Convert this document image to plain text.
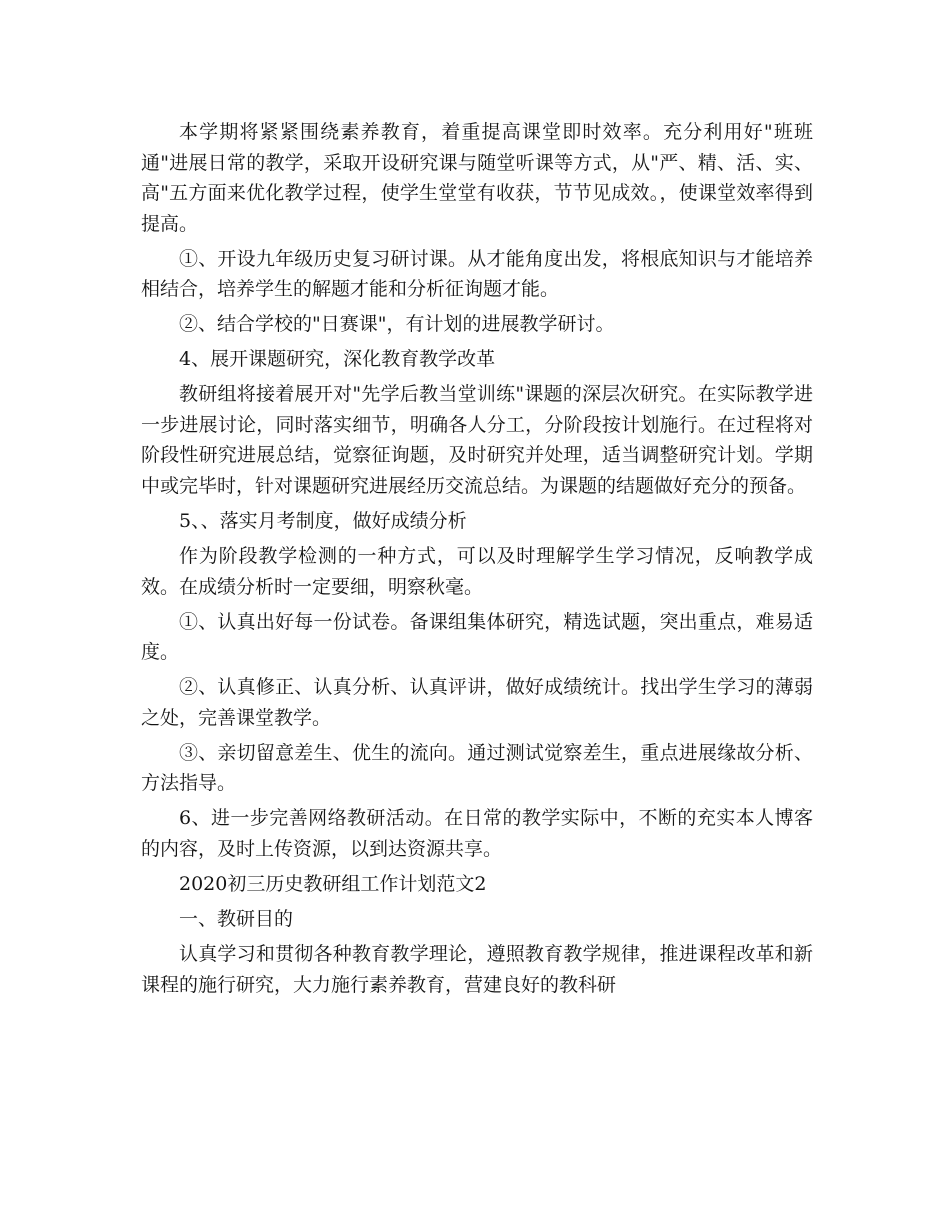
本学期将紧紧围绕素养教育，着重提高课堂即时效率。充分利用好"班班通"进展日常的教学，采取开设研究课与随堂听课等方式，从"严、精、活、实、高"五方面来优化教学过程，使学生堂堂有收获，节节见成效。，使课堂效率得到提高。

①、开设九年级历史复习研讨课。从才能角度出发，将根底知识与才能培养相结合，培养学生的解题才能和分析征询题才能。

②、结合学校的"日赛课"，有计划的进展教学研讨。

4、展开课题研究，深化教育教学改革

教研组将接着展开对"先学后教当堂训练"课题的深层次研究。在实际教学进一步进展讨论，同时落实细节，明确各人分工，分阶段按计划施行。在过程将对阶段性研究进展总结，觉察征询题，及时研究并处理，适当调整研究计划。学期中或完毕时，针对课题研究进展经历交流总结。为课题的结题做好充分的预备。

5、、落实月考制度，做好成绩分析

作为阶段教学检测的一种方式，可以及时理解学生学习情况，反响教学成效。在成绩分析时一定要细，明察秋毫。

①、认真出好每一份试卷。备课组集体研究，精选试题，突出重点，难易适度。

②、认真修正、认真分析、认真评讲，做好成绩统计。找出学生学习的薄弱之处，完善课堂教学。

③、亲切留意差生、优生的流向。通过测试觉察差生，重点进展缘故分析、方法指导。

6、进一步完善网络教研活动。在日常的教学实际中，不断的充实本人博客的内容，及时上传资源，以到达资源共享。

2020初三历史教研组工作计划范文2

一、教研目的

认真学习和贯彻各种教育教学理论，遵照教育教学规律，推进课程改革和新课程的施行研究，大力施行素养教育，营建良好的教科研
